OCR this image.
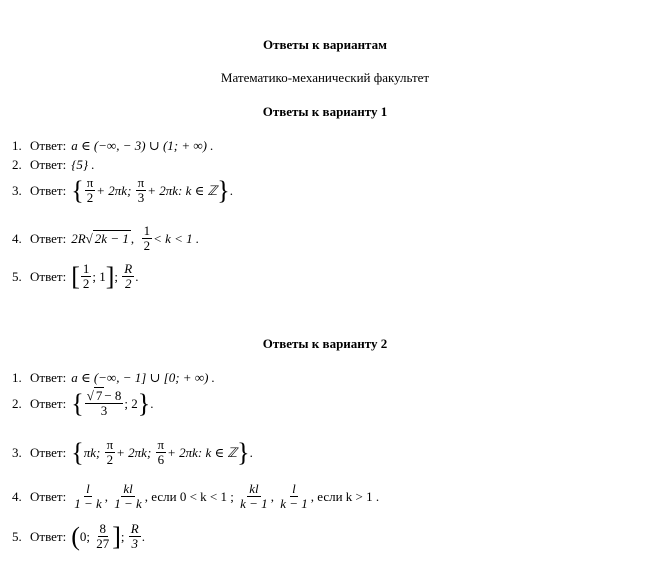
Ответы к вариантам
Математико-механический факультет
Ответы к варианту 1
1. Ответ: a ∈ (−∞, − 3) ∪ (1; + ∞) .
2. Ответ: {5} .
3. Ответ: { $\frac{\pi}{2} + 2\pi k$;
$\frac{\pi}{3} + 2\pi k$: k ∈ ℤ } .
4. Ответ: 2R √ 2k − 1 ,
$\frac{1}{2} < k < 1$ .
5. Ответ: [ $\frac{1}{2}$ ; 1 ] ;
$\frac{R}{2}$ .
Ответы к варианту 2
1. Ответ: a ∈ (−∞, − 1] ∪ [0; + ∞) .
2. Ответ: { $\frac{√ 7 - 8}{3}$ ; 2 } .
3. Ответ: { πk;
$\frac{\pi}{2} + 2\pi k$;
$\frac{\pi}{6} + 2\pi k$: k ∈ ℤ } .
4. Ответ: $\frac{l}{1 - k}$ , $\frac{kl}{1 - k}$ , если 0 < k < 1 ;
$\frac{kl}{k - 1}$ , $\frac{l}{k - 1}$ , если k > 1 .
5. Ответ: ( 0;
$\frac{8}{27}$ ] ;
$\frac{R}{3}$ .
